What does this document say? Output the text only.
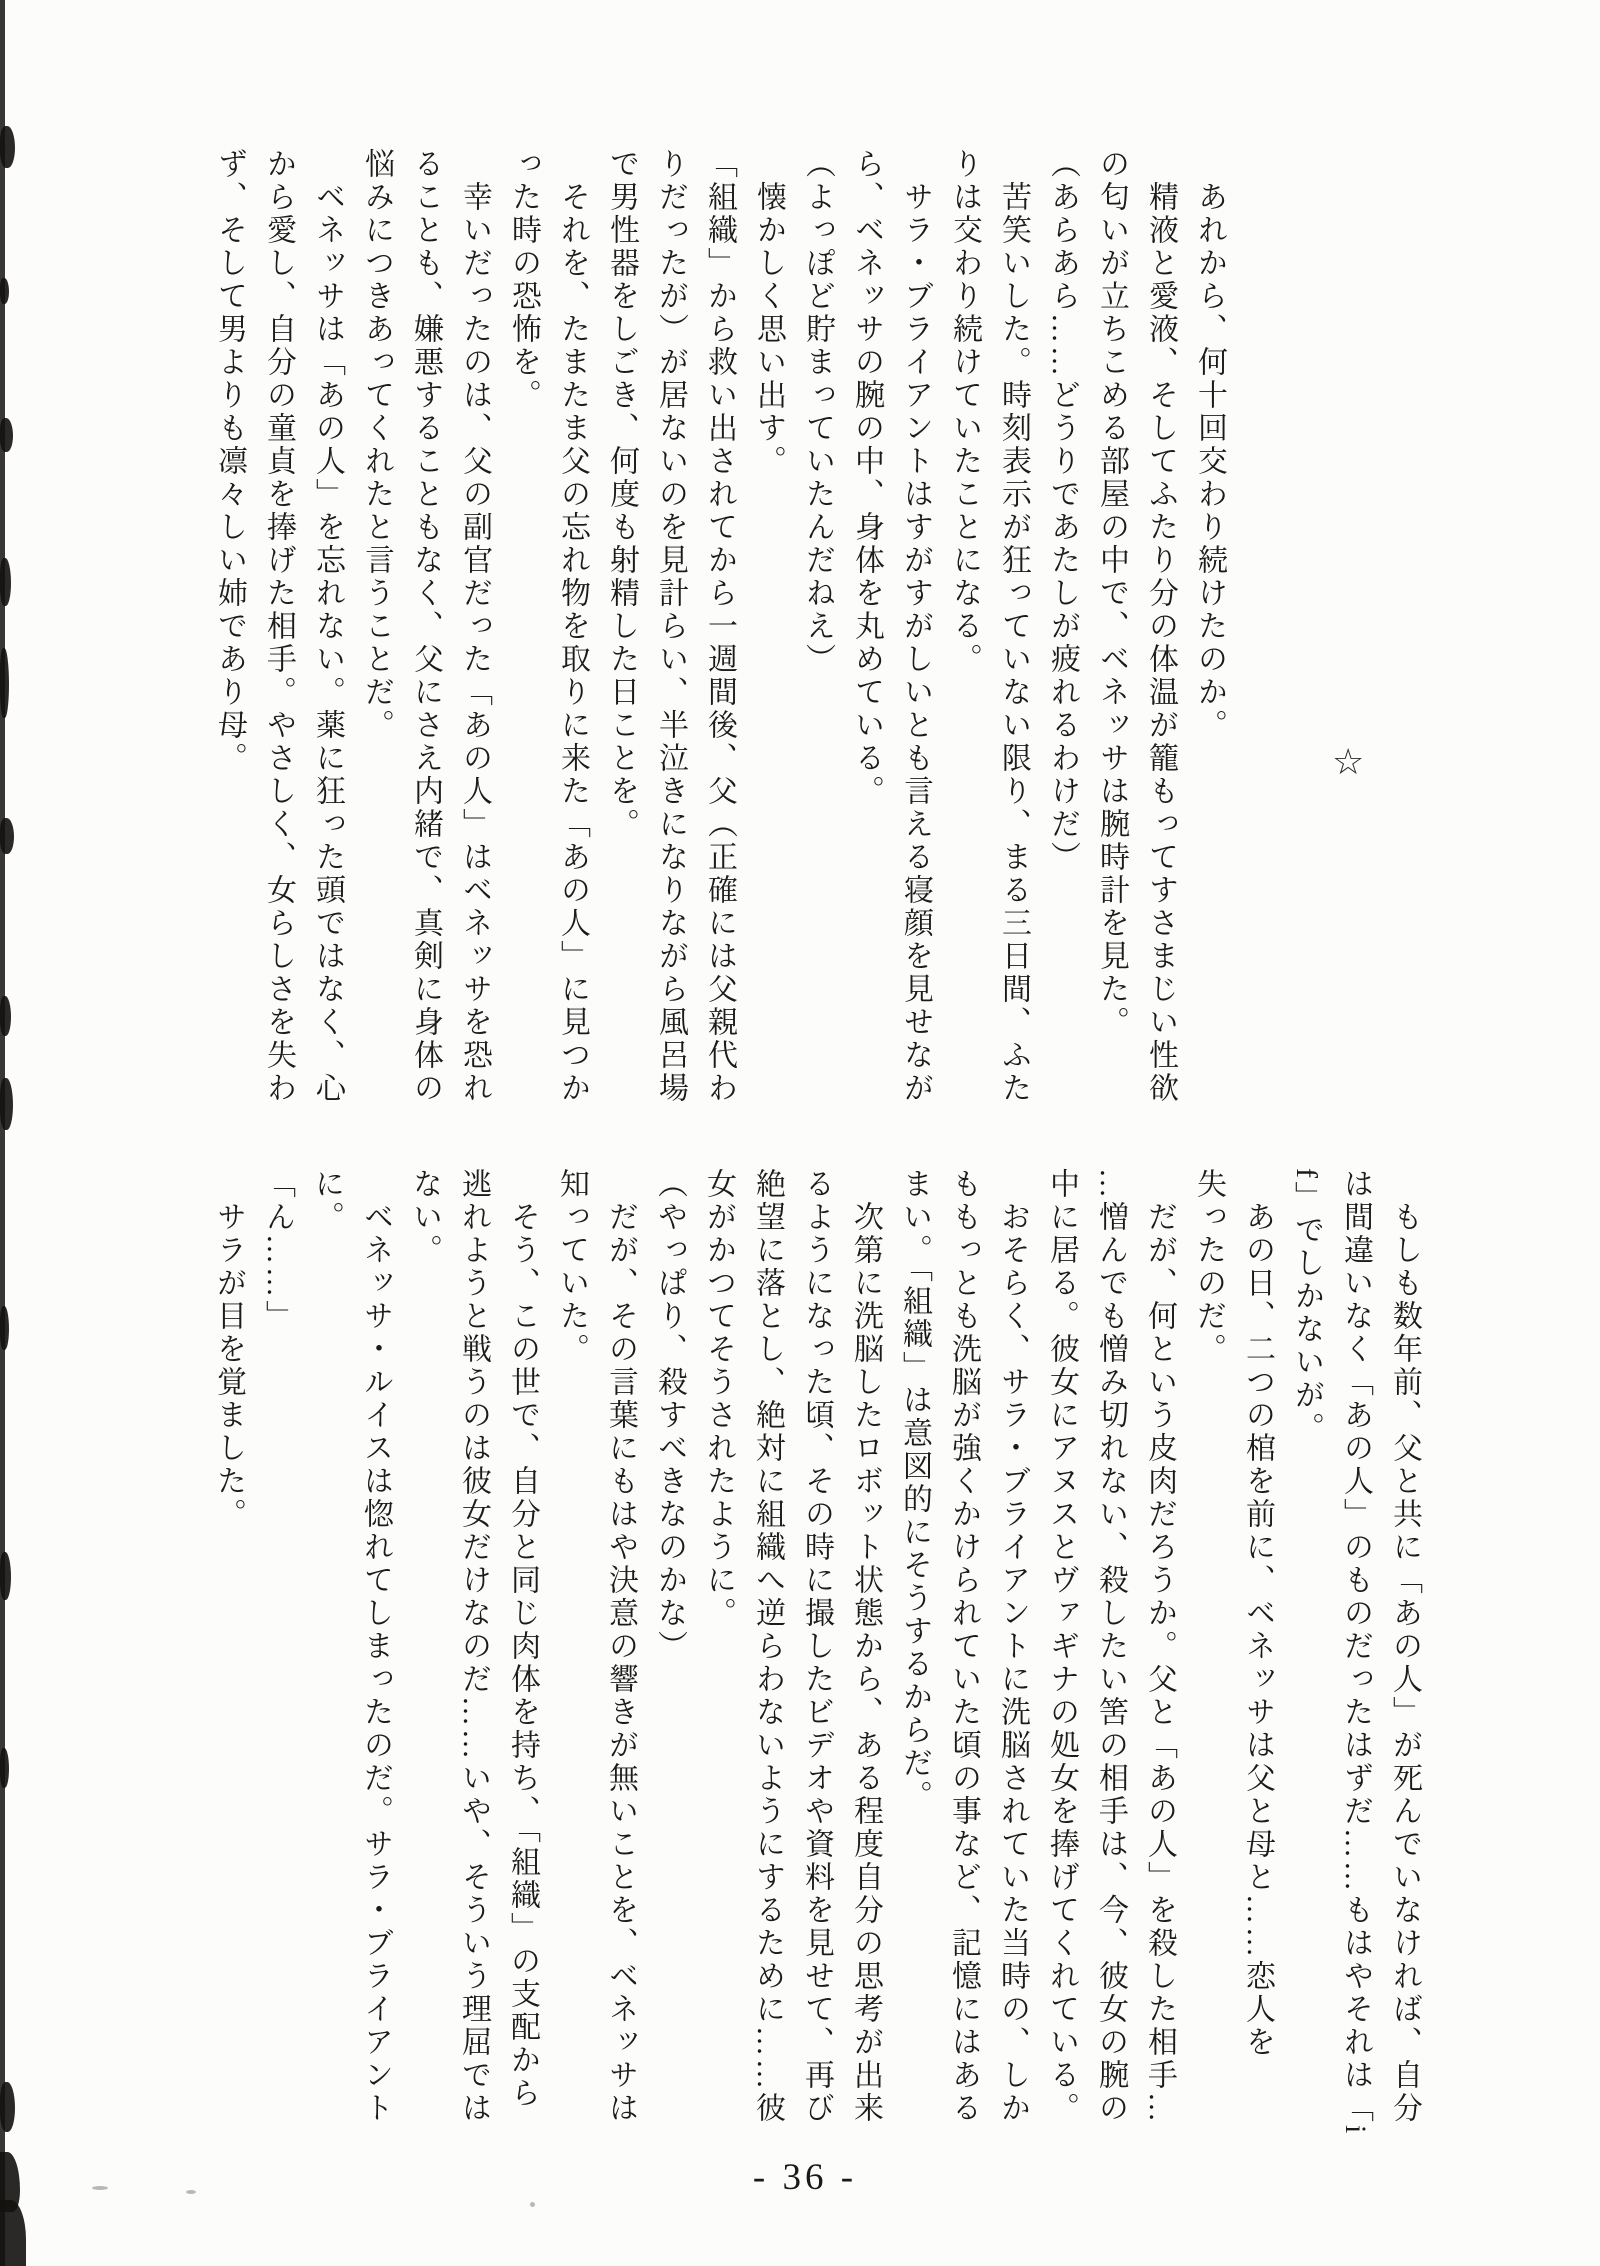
　あれから、何十回交わり続けたのか。
　精液と愛液、そしてふたり分の体温が籠もってすさまじい性欲
の匂いが立ちこめる部屋の中で、ベネッサは腕時計を見た。
（あらあら……どうりであたしが疲れるわけだ）
　苦笑いした。時刻表示が狂っていない限り、まる三日間、ふた
りは交わり続けていたことになる。
　サラ・ブライアントはすがすがしいとも言える寝顔を見せなが
ら、ベネッサの腕の中、身体を丸めている。
（よっぽど貯まっていたんだねえ）
　懐かしく思い出す。
「組織」から救い出されてから一週間後、父（正確には父親代わ
りだったが）が居ないのを見計らい、半泣きになりながら風呂場
で男性器をしごき、何度も射精した日ことを。
　それを、たまたま父の忘れ物を取りに来た「あの人」に見つか
った時の恐怖を。
　幸いだったのは、父の副官だった「あの人」はベネッサを恐れ
ることも、嫌悪することもなく、父にさえ内緒で、真剣に身体の
悩みにつきあってくれたと言うことだ。
　ベネッサは「あの人」を忘れない。薬に狂った頭ではなく、心
から愛し、自分の童貞を捧げた相手。やさしく、女らしさを失わ
ず、そして男よりも凛々しい姉であり母。	☆
　もしも数年前、父と共に「あの人」が死んでいなければ、自分
は間違いなく「あの人」のものだったはずだ……もはやそれは「i
f」でしかないが。
　あの日、二つの棺を前に、ベネッサは父と母と……恋人を
失ったのだ。
　だが、何という皮肉だろうか。父と「あの人」を殺した相手…
…憎んでも憎み切れない、殺したい筈の相手は、今、彼女の腕の
中に居る。彼女にアヌスとヴァギナの処女を捧げてくれている。
　おそらく、サラ・ブライアントに洗脳されていた当時の、しか
ももっとも洗脳が強くかけられていた頃の事など、記憶にはある
まい。「組織」は意図的にそうするからだ。
　次第に洗脳したロボット状態から、ある程度自分の思考が出来
るようになった頃、その時に撮したビデオや資料を見せて、再び
絶望に落とし、絶対に組織へ逆らわないようにするために……彼
女がかつてそうされたように。
（やっぱり、殺すべきなのかな）
　だが、その言葉にもはや決意の響きが無いことを、ベネッサは
知っていた。
　そう、この世で、自分と同じ肉体を持ち、「組織」の支配から
逃れようと戦うのは彼女だけなのだ……いや、そういう理屈では
ない。
　ベネッサ・ルイスは惚れてしまったのだ。サラ・ブライアント
に。
「ん……」
　サラが目を覚ました。
- 36 -
